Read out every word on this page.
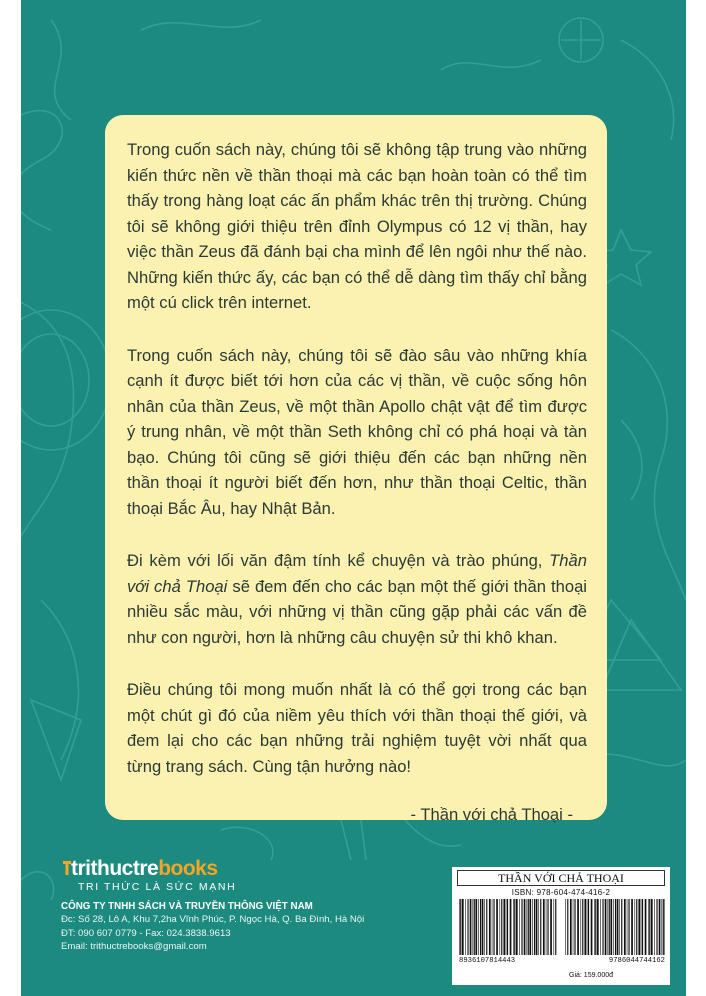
Trong cuốn sách này, chúng tôi sẽ không tập trung vào những kiến thức nền về thần thoại mà các bạn hoàn toàn có thể tìm thấy trong hàng loạt các ấn phẩm khác trên thị trường. Chúng tôi sẽ không giới thiệu trên đỉnh Olympus có 12 vị thần, hay việc thần Zeus đã đánh bại cha mình để lên ngôi như thế nào. Những kiến thức ấy, các bạn có thể dễ dàng tìm thấy chỉ bằng một cú click trên internet.

Trong cuốn sách này, chúng tôi sẽ đào sâu vào những khía cạnh ít được biết tới hơn của các vị thần, về cuộc sống hôn nhân của thần Zeus, về một thần Apollo chật vật để tìm được ý trung nhân, về một thần Seth không chỉ có phá hoại và tàn bạo. Chúng tôi cũng sẽ giới thiệu đến các bạn những nền thần thoại ít người biết đến hơn, như thần thoại Celtic, thần thoại Bắc Âu, hay Nhật Bản.

Đi kèm với lối văn đậm tính kể chuyện và trào phúng, Thần với chả Thoại sẽ đem đến cho các bạn một thế giới thần thoại nhiều sắc màu, với những vị thần cũng gặp phải các vấn đề như con người, hơn là những câu chuyện sử thi khô khan.

Điều chúng tôi mong muốn nhất là có thể gợi trong các bạn một chút gì đó của niềm yêu thích với thần thoại thế giới, và đem lại cho các bạn những trải nghiệm tuyệt vời nhất qua từng trang sách. Cùng tận hưởng nào!

- Thần với chả Thoại -

trithuctrebooks
TRI THỨC LÀ SỨC MẠNH
CÔNG TY TNHH SÁCH VÀ TRUYỀN THÔNG VIỆT NAM
Đc: Số 28, Lô A, Khu 7,2ha Vĩnh Phúc, P. Ngọc Hà, Q. Ba Đình, Hà Nội
ĐT: 090 607 0779 - Fax: 024.3838.9613
Email: trithuctrebooks@gmail.com
THẦN VỚI CHẢ THOẠI
ISBN: 978-604-474-416-2
8936107814443	9786044744162
Giá: 159.000đ
